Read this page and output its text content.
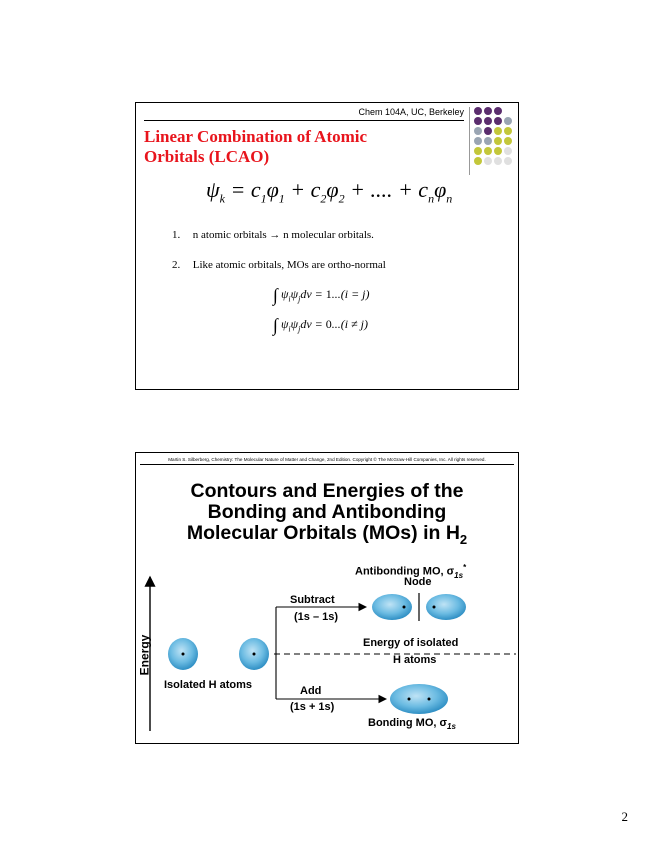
Chem 104A, UC, Berkeley
Linear Combination of Atomic
Orbitals (LCAO)
$\psi_k = c_1\varphi_1 + c_2\varphi_2$ + .... + $c_n\varphi_n$
1. n atomic orbitals → n molecular orbitals.
2. Like atomic orbitals, MOs are ortho-normal
∫ $\psi_i\psi_jdv = 1...(i = j)$
∫ $\psi_i\psi_jdv = 0...(i \ne j)$
Martin S. Silberberg, Chemistry: The Molecular Nature of Matter and Change, 2nd Edition. Copyright © The McGraw-Hill Companies, Inc. All rights reserved.
Contours and Energies of the
Bonding and Antibonding
Molecular Orbitals (MOs) in $H_2$
Energy
Antibonding MO, $\sigma_{1s}^*$
Node
Subtract
(1s – 1s)
Energy of isolated
H atoms
Isolated H atoms	Add
(1s + 1s)
Bonding MO, $\sigma_{1s}$
2
